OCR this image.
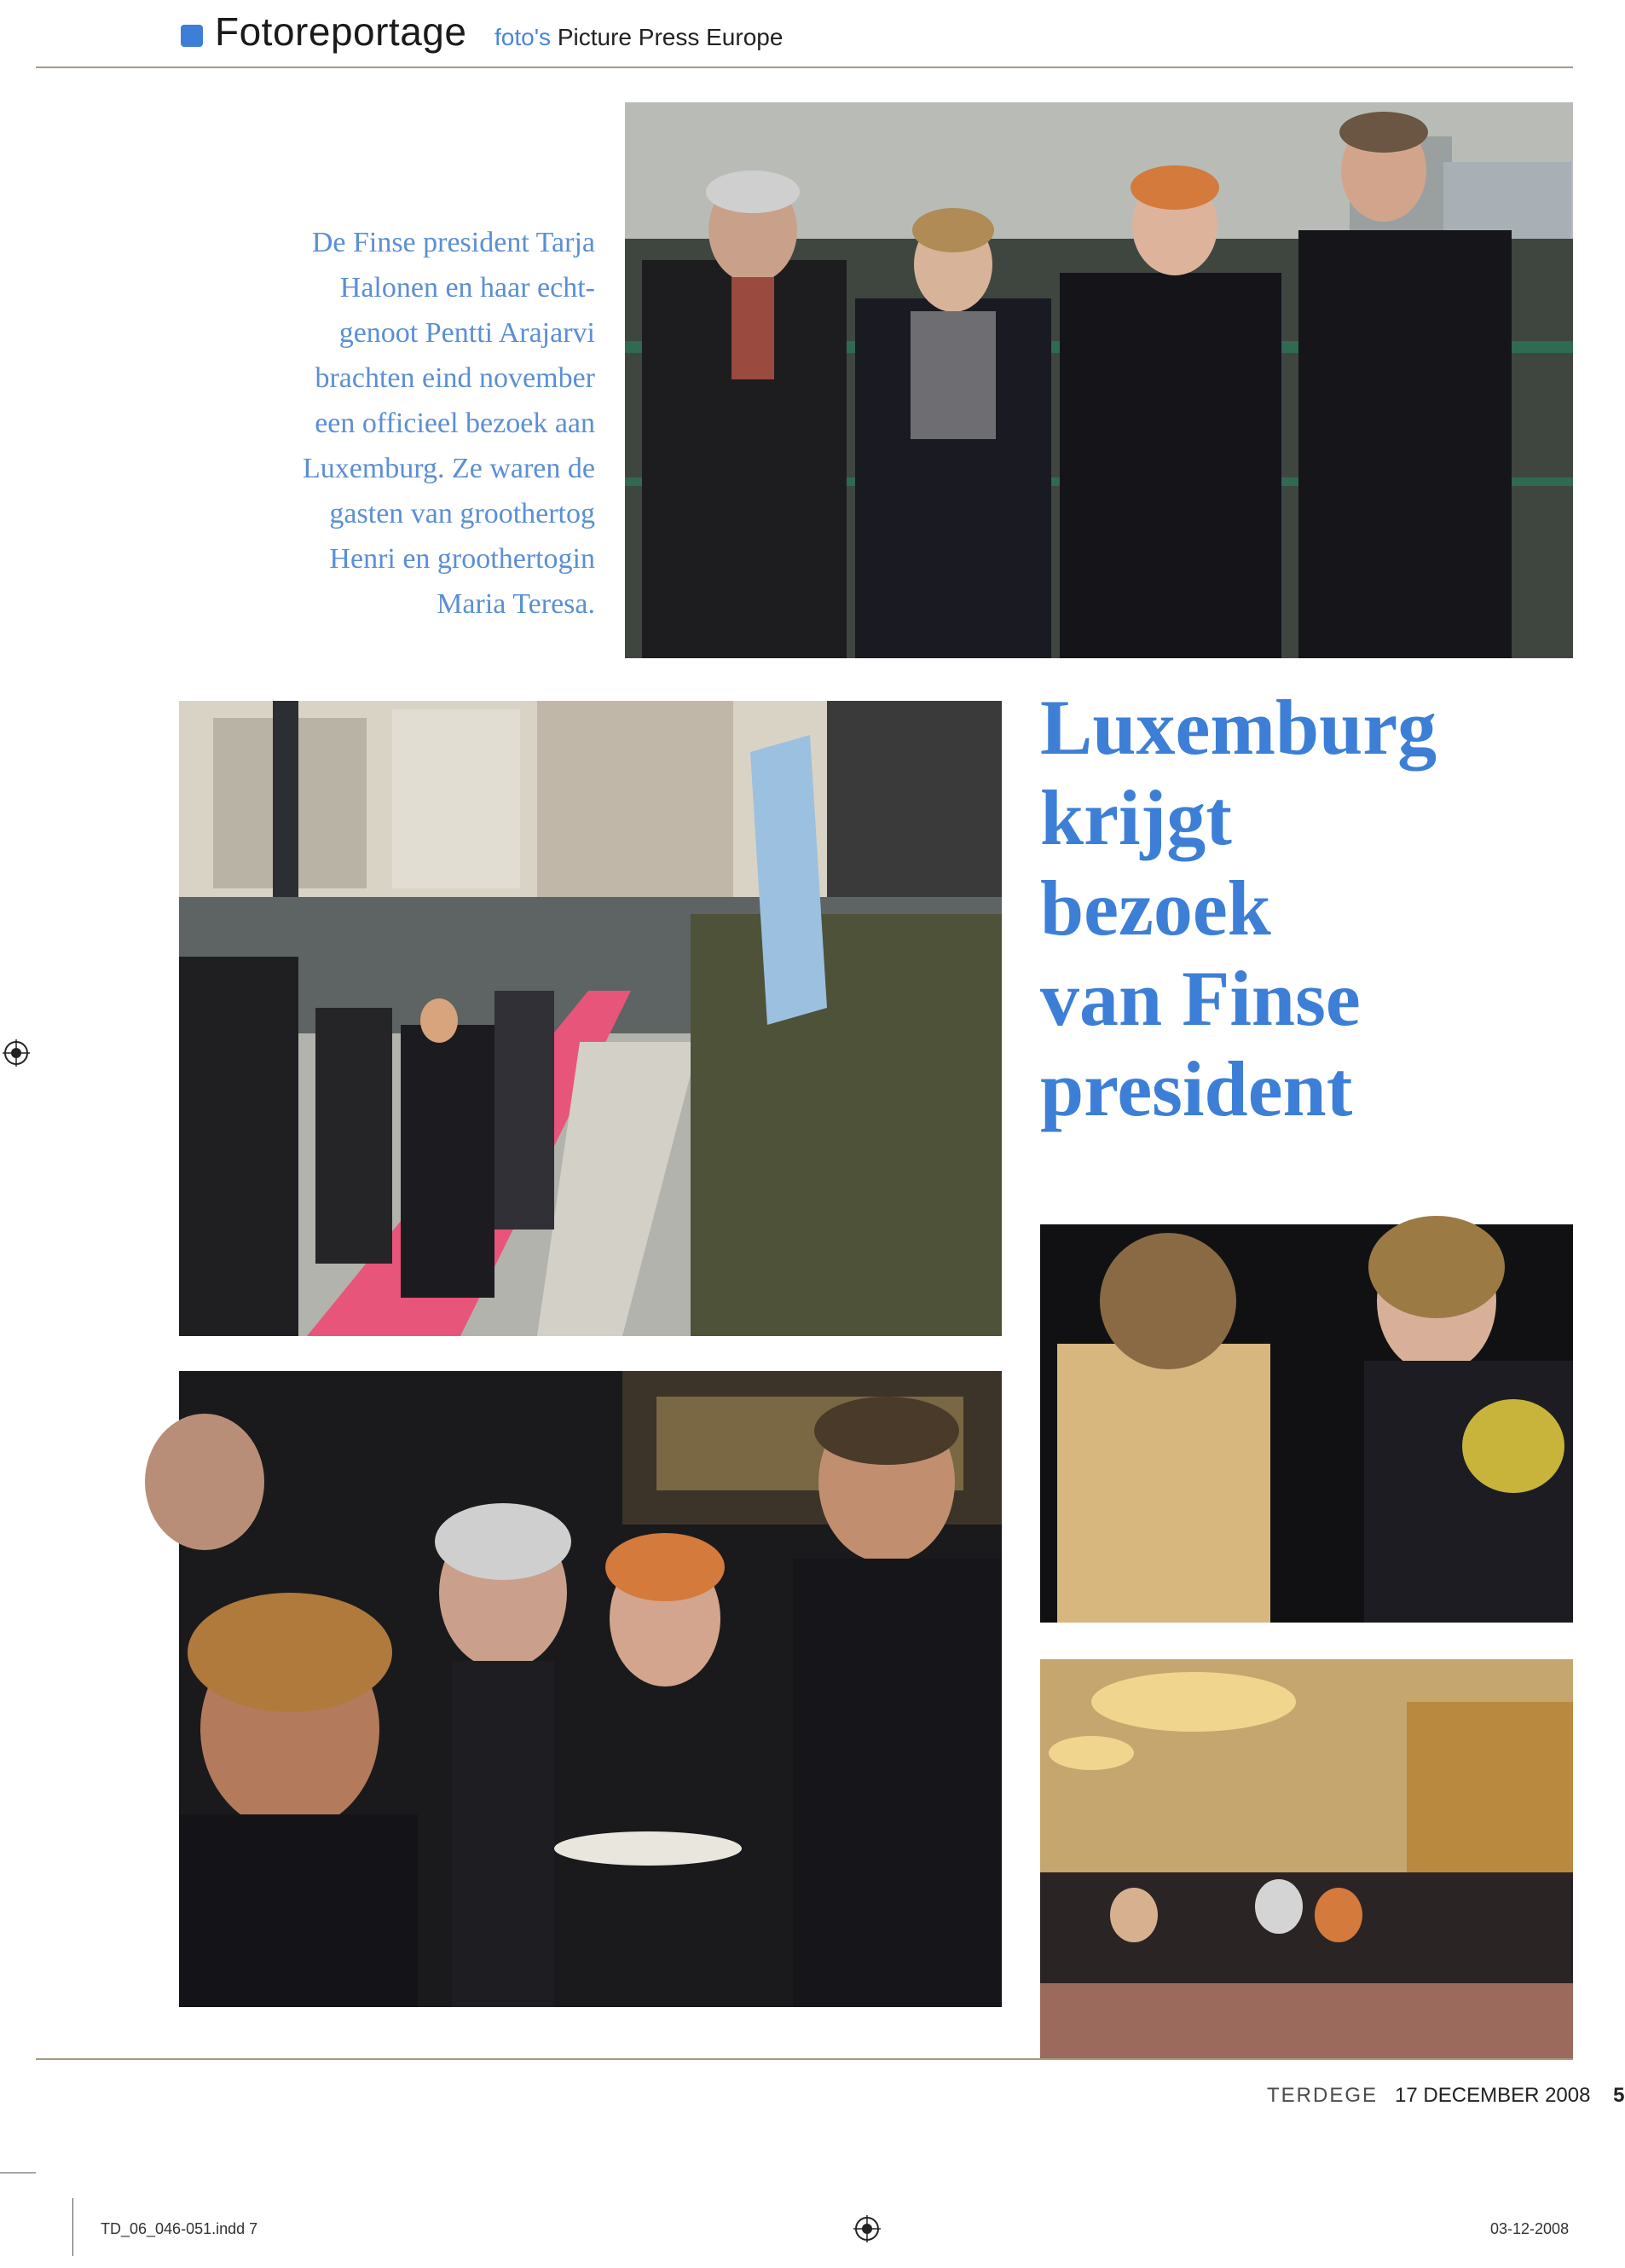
Fotoreportage foto's Picture Press Europe
De Finse president Tarja
Halonen en haar echt-
genoot Pentti Arajarvi
brachten eind november
een officieel bezoek aan
Luxemburg. Ze waren de
gasten van groothertog
Henri en groothertogin
Maria Teresa.
Luxemburg
krijgt
bezoek
van Finse
president
TERDEGE 17 DECEMBER 2008 5
TD_06_046-051.indd 7	03-12-2008
